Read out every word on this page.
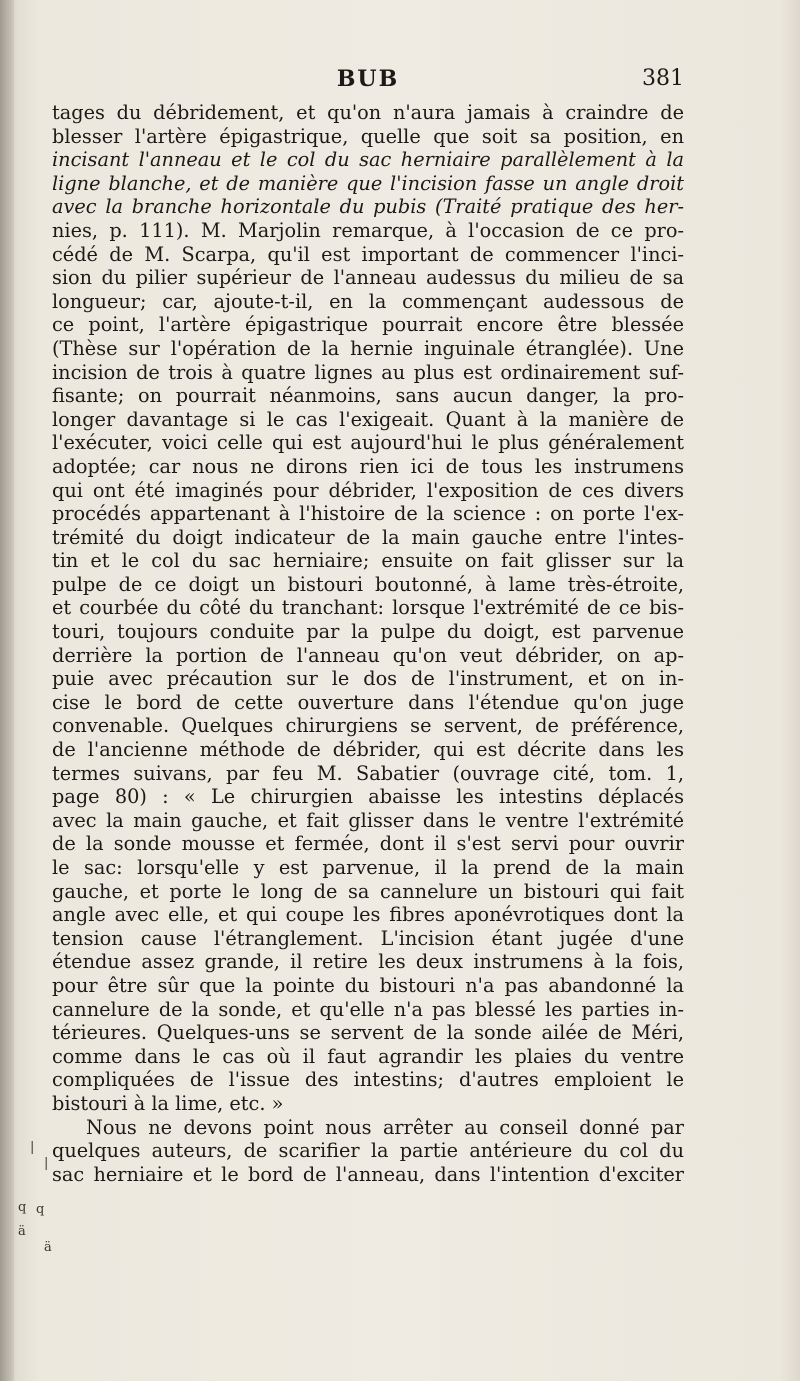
BUB	381
tages du débridement, et qu'on n'aura jamais à craindre de
blesser l'artère épigastrique, quelle que soit sa position, en
incisant l'anneau et le col du sac herniaire parallèlement à la
ligne blanche, et de manière que l'incision fasse un angle droit
avec la branche horizontale du pubis (Traité pratique des her-
nies, p. 111). M. Marjolin remarque, à l'occasion de ce pro-
cédé de M. Scarpa, qu'il est important de commencer l'inci-
sion du pilier supérieur de l'anneau audessus du milieu de sa
longueur; car, ajoute-t-il, en la commençant audessous de
ce point, l'artère épigastrique pourrait encore être blessée
(Thèse sur l'opération de la hernie inguinale étranglée). Une
incision de trois à quatre lignes au plus est ordinairement suf-
fisante; on pourrait néanmoins, sans aucun danger, la pro-
longer davantage si le cas l'exigeait. Quant à la manière de
l'exécuter, voici celle qui est aujourd'hui le plus généralement
adoptée; car nous ne dirons rien ici de tous les instrumens
qui ont été imaginés pour débrider, l'exposition de ces divers
procédés appartenant à l'histoire de la science : on porte l'ex-
trémité du doigt indicateur de la main gauche entre l'intes-
tin et le col du sac herniaire; ensuite on fait glisser sur la
pulpe de ce doigt un bistouri boutonné, à lame très-étroite,
et courbée du côté du tranchant: lorsque l'extrémité de ce bis-
touri, toujours conduite par la pulpe du doigt, est parvenue
derrière la portion de l'anneau qu'on veut débrider, on ap-
puie avec précaution sur le dos de l'instrument, et on in-
cise le bord de cette ouverture dans l'étendue qu'on juge
convenable. Quelques chirurgiens se servent, de préférence,
de l'ancienne méthode de débrider, qui est décrite dans les
termes suivans, par feu M. Sabatier (ouvrage cité, tom. 1,
page 80) : « Le chirurgien abaisse les intestins déplacés
avec la main gauche, et fait glisser dans le ventre l'extrémité
de la sonde mousse et fermée, dont il s'est servi pour ouvrir
le sac: lorsqu'elle y est parvenue, il la prend de la main
gauche, et porte le long de sa cannelure un bistouri qui fait
angle avec elle, et qui coupe les fibres aponévrotiques dont la
tension cause l'étranglement. L'incision étant jugée d'une
étendue assez grande, il retire les deux instrumens à la fois,
pour être sûr que la pointe du bistouri n'a pas abandonné la
cannelure de la sonde, et qu'elle n'a pas blessé les parties in-
térieures. Quelques-uns se servent de la sonde ailée de Méri,
comme dans le cas où il faut agrandir les plaies du ventre
compliquées de l'issue des intestins; d'autres emploient le
bistouri à la lime, etc. »
Nous ne devons point nous arrêter au conseil donné par
quelques auteurs, de scarifier la partie antérieure du col du
sac herniaire et le bord de l'anneau, dans l'intention d'exciter
|
|
q q
ä
ä
